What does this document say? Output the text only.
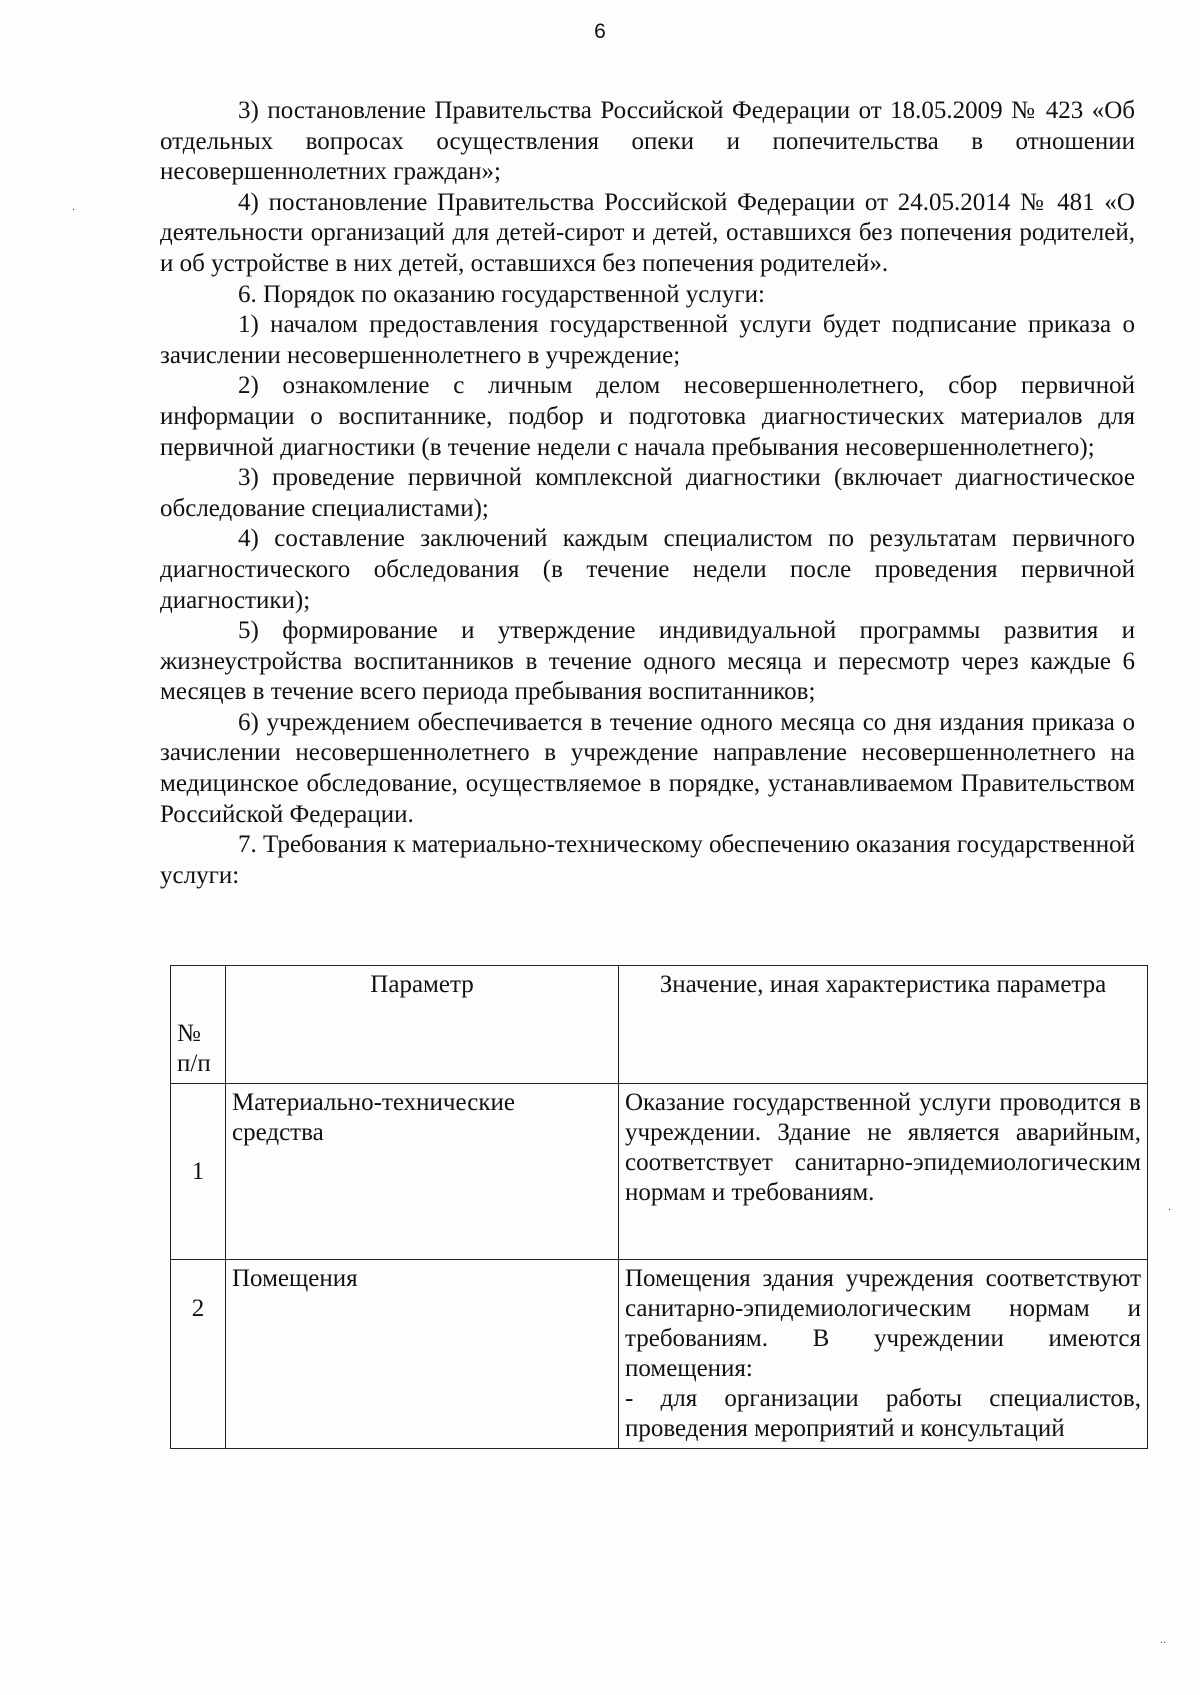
6

3) постановление Правительства Российской Федерации от 18.05.2009 № 423 «Об отдельных вопросах осуществления опеки и попечительства в отношении несовершеннолетних граждан»;

4) постановление Правительства Российской Федерации от 24.05.2014 № 481 «О деятельности организаций для детей-сирот и детей, оставшихся без попечения родителей, и об устройстве в них детей, оставшихся без попечения родителей».

6. Порядок по оказанию государственной услуги:

1) началом предоставления государственной услуги будет подписание приказа о зачислении несовершеннолетнего в учреждение;

2) ознакомление с личным делом несовершеннолетнего, сбор первичной информации о воспитаннике, подбор и подготовка диагностических материалов для первичной диагностики (в течение недели с начала пребывания несовершеннолетнего);

3) проведение первичной комплексной диагностики (включает диагностическое обследование специалистами);

4) составление заключений каждым специалистом по результатам первичного диагностического обследования (в течение недели после проведения первичной диагностики);

5) формирование и утверждение индивидуальной программы развития и жизнеустройства воспитанников в течение одного месяца и пересмотр через каждые 6 месяцев в течение всего периода пребывания воспитанников;

6) учреждением обеспечивается в течение одного месяца со дня издания приказа о зачислении несовершеннолетнего в учреждение направление несовершеннолетнего на медицинское обследование, осуществляемое в порядке, устанавливаемом Правительством Российской Федерации.

7. Требования к материально-техническому обеспечению оказания государственной услуги:

№ п/п	Параметр	Значение, иная характеристика параметра
1	Материально-технические средства	Оказание государственной услуги проводится в учреждении. Здание не является аварийным, соответствует санитарно-эпидемиологическим нормам и требованиям.
2	Помещения	Помещения здания учреждения соответствуют санитарно-эпидемиологическим нормам и требованиям. В учреждении имеются помещения:
- для организации работы специалистов, проведения мероприятий и консультаций
·
·
··
